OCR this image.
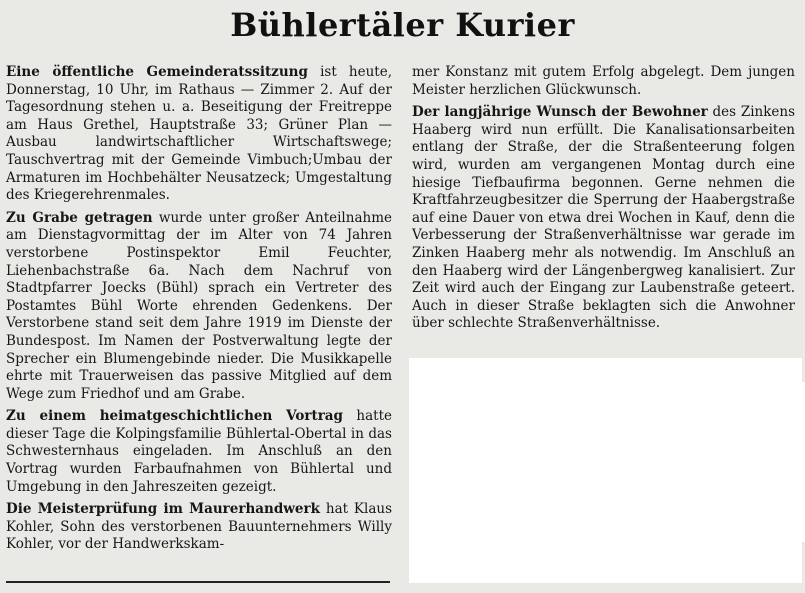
Bühlertäler Kurier

Eine öffentliche Gemeinderatssitzung ist heute, Donnerstag, 10 Uhr, im Rathaus — Zimmer 2. Auf der Tagesordnung stehen u. a. Beseitigung der Freitreppe am Haus Grethel, Hauptstraße 33; Grüner Plan — Ausbau landwirtschaftlicher Wirtschaftswege; Tauschvertrag mit der Gemeinde Vimbuch;Umbau der Armaturen im Hochbehälter Neusatzeck; Umgestaltung des Kriegerehrenmales.

Zu Grabe getragen wurde unter großer Anteilnahme am Dienstagvormittag der im Alter von 74 Jahren verstorbene Postinspektor Emil Feuchter, Liehenbachstraße 6a. Nach dem Nachruf von Stadtpfarrer Joecks (Bühl) sprach ein Vertreter des Postamtes Bühl Worte ehrenden Gedenkens. Der Verstorbene stand seit dem Jahre 1919 im Dienste der Bundespost. Im Namen der Postverwaltung legte der Sprecher ein Blumengebinde nieder. Die Musikkapelle ehrte mit Trauerweisen das passive Mitglied auf dem Wege zum Friedhof und am Grabe.

Zu einem heimatgeschichtlichen Vortrag hatte dieser Tage die Kolpingsfamilie Bühlertal-Obertal in das Schwesternhaus eingeladen. Im Anschluß an den Vortrag wurden Farbaufnahmen von Bühlertal und Umgebung in den Jahreszeiten gezeigt.

Die Meisterprüfung im Maurerhandwerk hat Klaus Kohler, Sohn des verstorbenen Bauunternehmers Willy Kohler, vor der Handwerkskam-

mer Konstanz mit gutem Erfolg abgelegt. Dem jungen Meister herzlichen Glückwunsch.

Der langjährige Wunsch der Bewohner des Zinkens Haaberg wird nun erfüllt. Die Kanalisationsarbeiten entlang der Straße, der die Straßenteerung folgen wird, wurden am vergangenen Montag durch eine hiesige Tiefbaufirma begonnen. Gerne nehmen die Kraftfahrzeugbesitzer die Sperrung der Haabergstraße auf eine Dauer von etwa drei Wochen in Kauf, denn die Verbesserung der Straßenverhältnisse war gerade im Zinken Haaberg mehr als notwendig. Im Anschluß an den Haaberg wird der Längenbergweg kanalisiert. Zur Zeit wird auch der Eingang zur Laubenstraße geteert. Auch in dieser Straße beklagten sich die Anwohner über schlechte Straßenverhältnisse.
